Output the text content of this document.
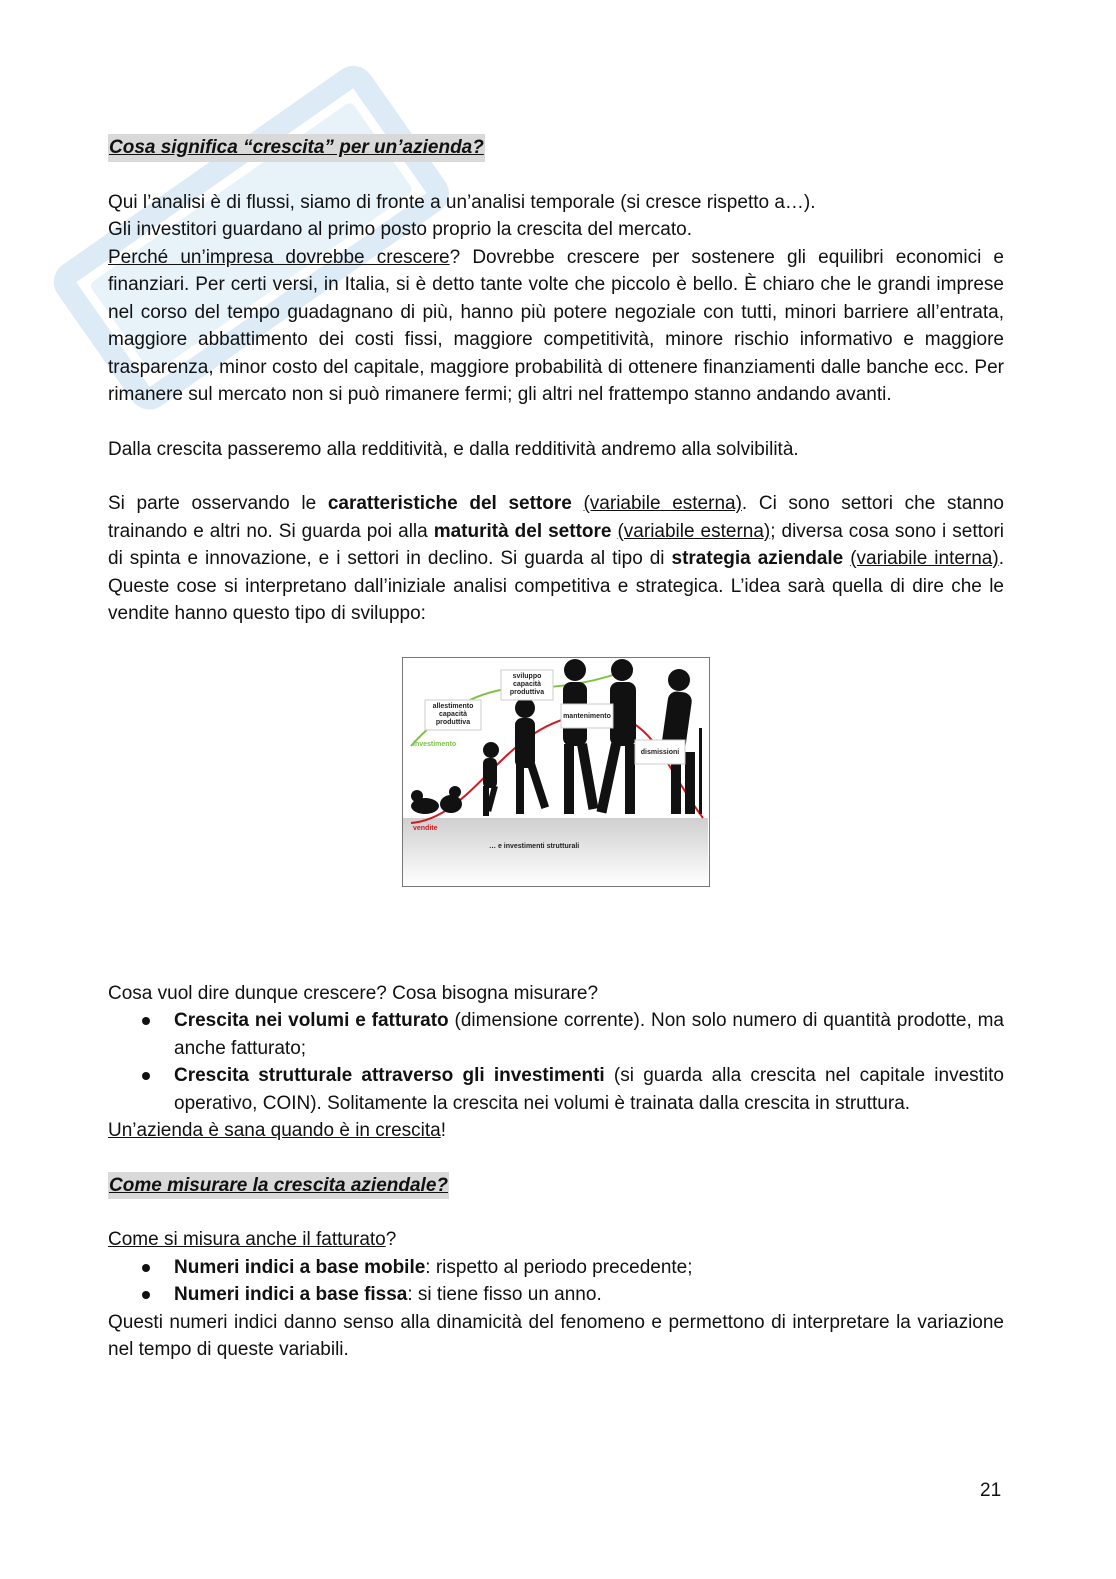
Cosa significa “crescita” per un’azienda?

Qui l’analisi è di flussi, siamo di fronte a un’analisi temporale (si cresce rispetto a…).

Gli investitori guardano al primo posto proprio la crescita del mercato.

Perché un’impresa dovrebbe crescere? Dovrebbe crescere per sostenere gli equilibri economici e finanziari. Per certi versi, in Italia, si è detto tante volte che piccolo è bello. È chiaro che le grandi imprese nel corso del tempo guadagnano di più, hanno più potere negoziale con tutti, minori barriere all’entrata, maggiore abbattimento dei costi fissi, maggiore competitività, minore rischio informativo e maggiore trasparenza, minor costo del capitale, maggiore probabilità di ottenere finanziamenti dalle banche ecc. Per rimanere sul mercato non si può rimanere fermi; gli altri nel frattempo stanno andando avanti.

Dalla crescita passeremo alla redditività, e dalla redditività andremo alla solvibilità.

Si parte osservando le caratteristiche del settore (variabile esterna). Ci sono settori che stanno trainando e altri no. Si guarda poi alla maturità del settore (variabile esterna); diversa cosa sono i settori di spinta e innovazione, e i settori in declino. Si guarda al tipo di strategia aziendale (variabile interna). Queste cose si interpretano dall’iniziale analisi competitiva e strategica. L’idea sarà quella di dire che le vendite hanno questo tipo di sviluppo:

sviluppo
capacità
produttiva
allestimento
capacità
produttiva
mantenimento
dismissioni
investimento
vendite
… e investimenti strutturali

Cosa vuol dire dunque crescere? Cosa bisogna misurare?

Crescita nei volumi e fatturato (dimensione corrente). Non solo numero di quantità prodotte, ma anche fatturato;
Crescita strutturale attraverso gli investimenti (si guarda alla crescita nel capitale investito operativo, COIN). Solitamente la crescita nei volumi è trainata dalla crescita in struttura.

Un’azienda è sana quando è in crescita!

Come misurare la crescita aziendale?

Come si misura anche il fatturato?

Numeri indici a base mobile: rispetto al periodo precedente;
Numeri indici a base fissa: si tiene fisso un anno.

Questi numeri indici danno senso alla dinamicità del fenomeno e permettono di interpretare la variazione nel tempo di queste variabili.

21
